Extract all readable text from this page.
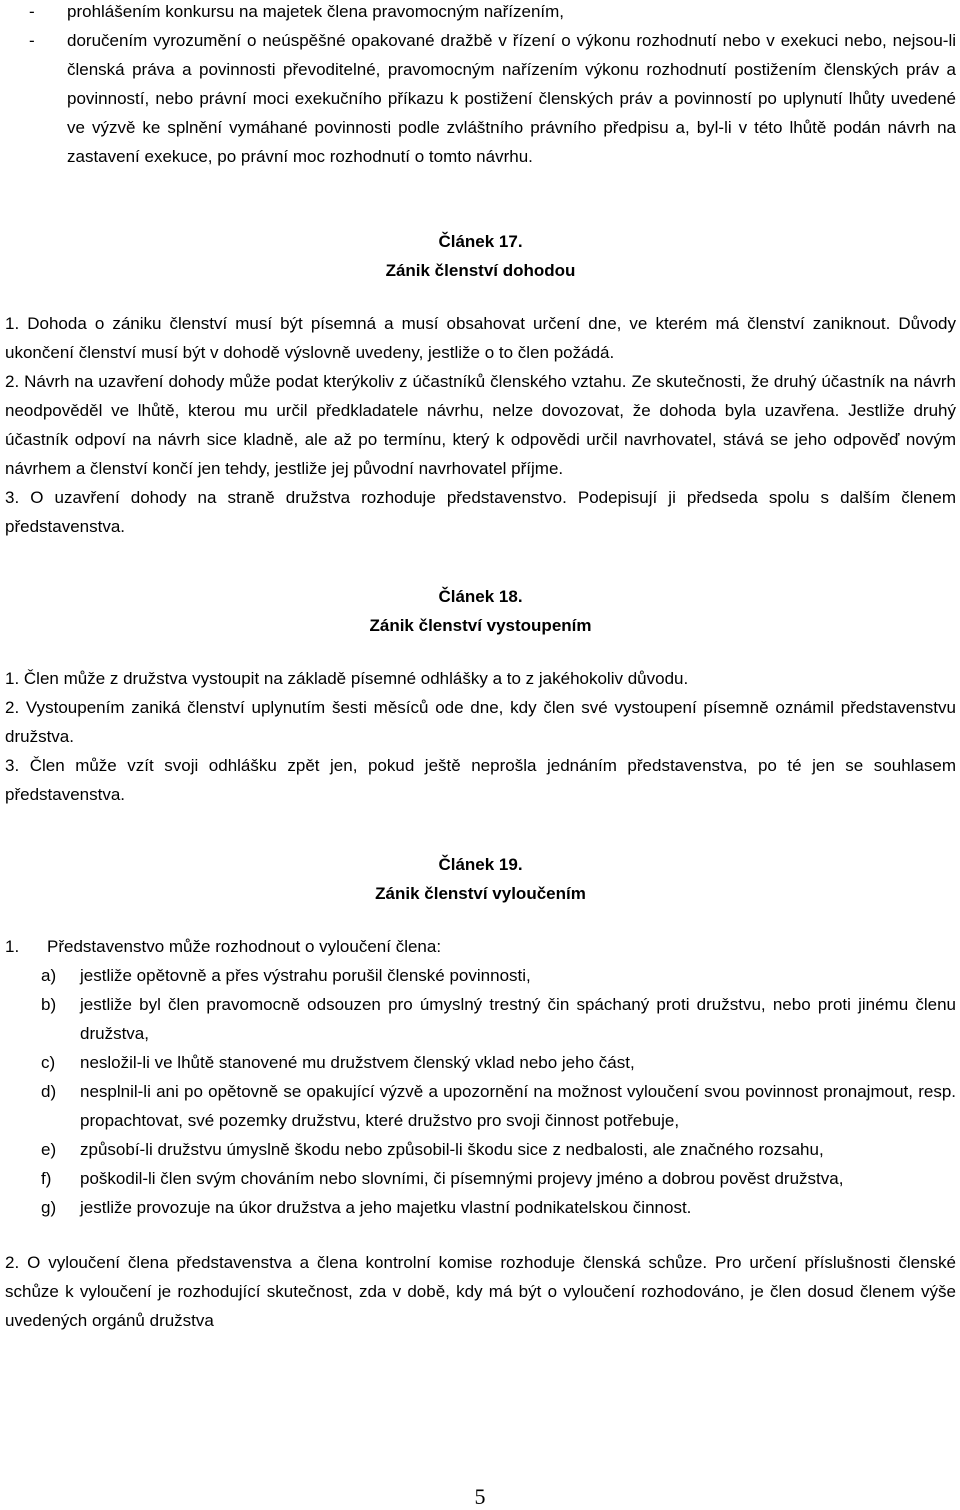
- prohlášením konkursu na majetek člena pravomocným nařízením,
- doručením vyrozumění o neúspěšné opakované dražbě v řízení o výkonu rozhodnutí nebo v exekuci nebo, nejsou-li členská práva a povinnosti převoditelné, pravomocným nařízením výkonu rozhodnutí postižením členských práv a povinností, nebo právní moci exekučního příkazu k postižení členských práv a povinností po uplynutí lhůty uvedené ve výzvě ke splnění vymáhané povinnosti podle zvláštního právního předpisu a, byl-li v této lhůtě podán návrh na zastavení exekuce, po právní moc rozhodnutí o tomto návrhu.

Článek 17.

Zánik členství dohodou

1. Dohoda o zániku členství musí být písemná a musí obsahovat určení dne, ve kterém má členství zaniknout. Důvody ukončení členství musí být v dohodě výslovně uvedeny, jestliže o to člen požádá.

2. Návrh na uzavření dohody může podat kterýkoliv z účastníků členského vztahu. Ze skutečnosti, že druhý účastník na návrh neodpověděl ve lhůtě, kterou mu určil předkladatele návrhu, nelze dovozovat, že dohoda byla uzavřena. Jestliže druhý účastník odpoví na návrh sice kladně, ale až po termínu, který k odpovědi určil navrhovatel, stává se jeho odpověď novým návrhem a členství končí jen tehdy, jestliže jej původní navrhovatel příjme.

3. O uzavření dohody na straně družstva rozhoduje představenstvo. Podepisují ji předseda spolu s dalším členem představenstva.

Článek 18.

Zánik členství vystoupením

1. Člen může z družstva vystoupit na základě písemné odhlášky a to z jakéhokoliv důvodu.

2. Vystoupením zaniká členství uplynutím šesti měsíců ode dne, kdy člen své vystoupení písemně oznámil představenstvu družstva.

3. Člen může vzít svoji odhlášku zpět jen, pokud ještě neprošla jednáním představenstva, po té jen se souhlasem představenstva.

Článek 19.

Zánik členství vyloučením

1. Představenstvo může rozhodnout o vyloučení člena:
a) jestliže opětovně a přes výstrahu porušil členské povinnosti,
b) jestliže byl člen pravomocně odsouzen pro úmyslný trestný čin spáchaný proti družstvu, nebo proti jinému členu družstva,
c) nesložil-li ve lhůtě stanovené mu družstvem členský vklad nebo jeho část,
d) nesplnil-li ani po opětovně se opakující výzvě a upozornění na možnost vyloučení svou povinnost pronajmout, resp. propachtovat, své pozemky družstvu, které družstvo pro svoji činnost potřebuje,
e) způsobí-li družstvu úmyslně škodu nebo způsobil-li škodu sice z nedbalosti, ale značného rozsahu,
f) poškodil-li člen svým chováním nebo slovními, či písemnými projevy jméno a dobrou pověst družstva,
g) jestliže provozuje na úkor družstva a jeho majetku vlastní podnikatelskou činnost.

2. O vyloučení člena představenstva a člena kontrolní komise rozhoduje členská schůze. Pro určení příslušnosti členské schůze k vyloučení je rozhodující skutečnost, zda v době, kdy má být o vyloučení rozhodováno, je člen dosud členem výše uvedených orgánů družstva

5
